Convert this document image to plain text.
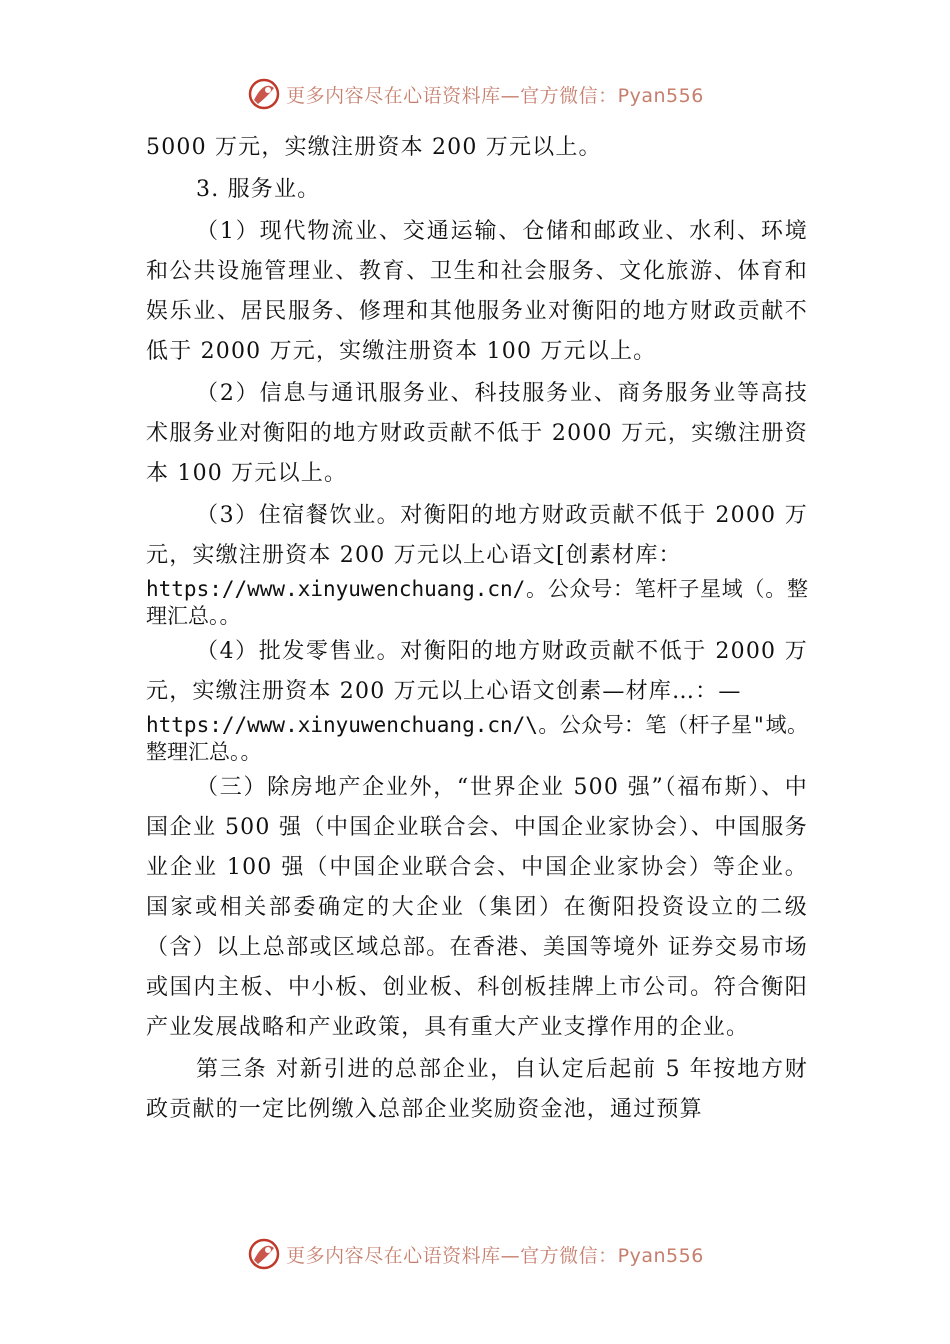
更多内容尽在心语资料库—官方微信：Pyan556

5000 万元，实缴注册资本 200 万元以上。

3. 服务业。

（1）现代物流业、交通运输、仓储和邮政业、水利、环境和公共设施管理业、教育、卫生和社会服务、文化旅游、体育和娱乐业、居民服务、修理和其他服务业对衡阳的地方财政贡献不低于 2000 万元，实缴注册资本 100 万元以上。

（2）信息与通讯服务业、科技服务业、商务服务业等高技术服务业对衡阳的地方财政贡献不低于 2000 万元，实缴注册资本 100 万元以上。

（3）住宿餐饮业。对衡阳的地方财政贡献不低于 2000 万元，实缴注册资本 200 万元以上心语文[创素材库：

https://www.xinyuwenchuang.cn/。公众号：笔杆子星域（。整理汇总。。

（4）批发零售业。对衡阳的地方财政贡献不低于 2000 万元，实缴注册资本 200 万元以上心语文创素—材库…：—

https://www.xinyuwenchuang.cn/\。公众号：笔（杆子星"域。整理汇总。。

（三）除房地产企业外，“世界企业 500 强”（福布斯）、中国企业 500 强（中国企业联合会、中国企业家协会）、中国服务业企业 100 强（中国企业联合会、中国企业家协会）等企业。国家或相关部委确定的大企业（集团）在衡阳投资设立的二级（含）以上总部或区域总部。在香港、美国等境外 证券交易市场或国内主板、中小板、创业板、科创板挂牌上市公司。符合衡阳产业发展战略和产业政策，具有重大产业支撑作用的企业。

第三条 对新引进的总部企业，自认定后起前 5 年按地方财政贡献的一定比例缴入总部企业奖励资金池，通过预算

更多内容尽在心语资料库—官方微信：Pyan556
